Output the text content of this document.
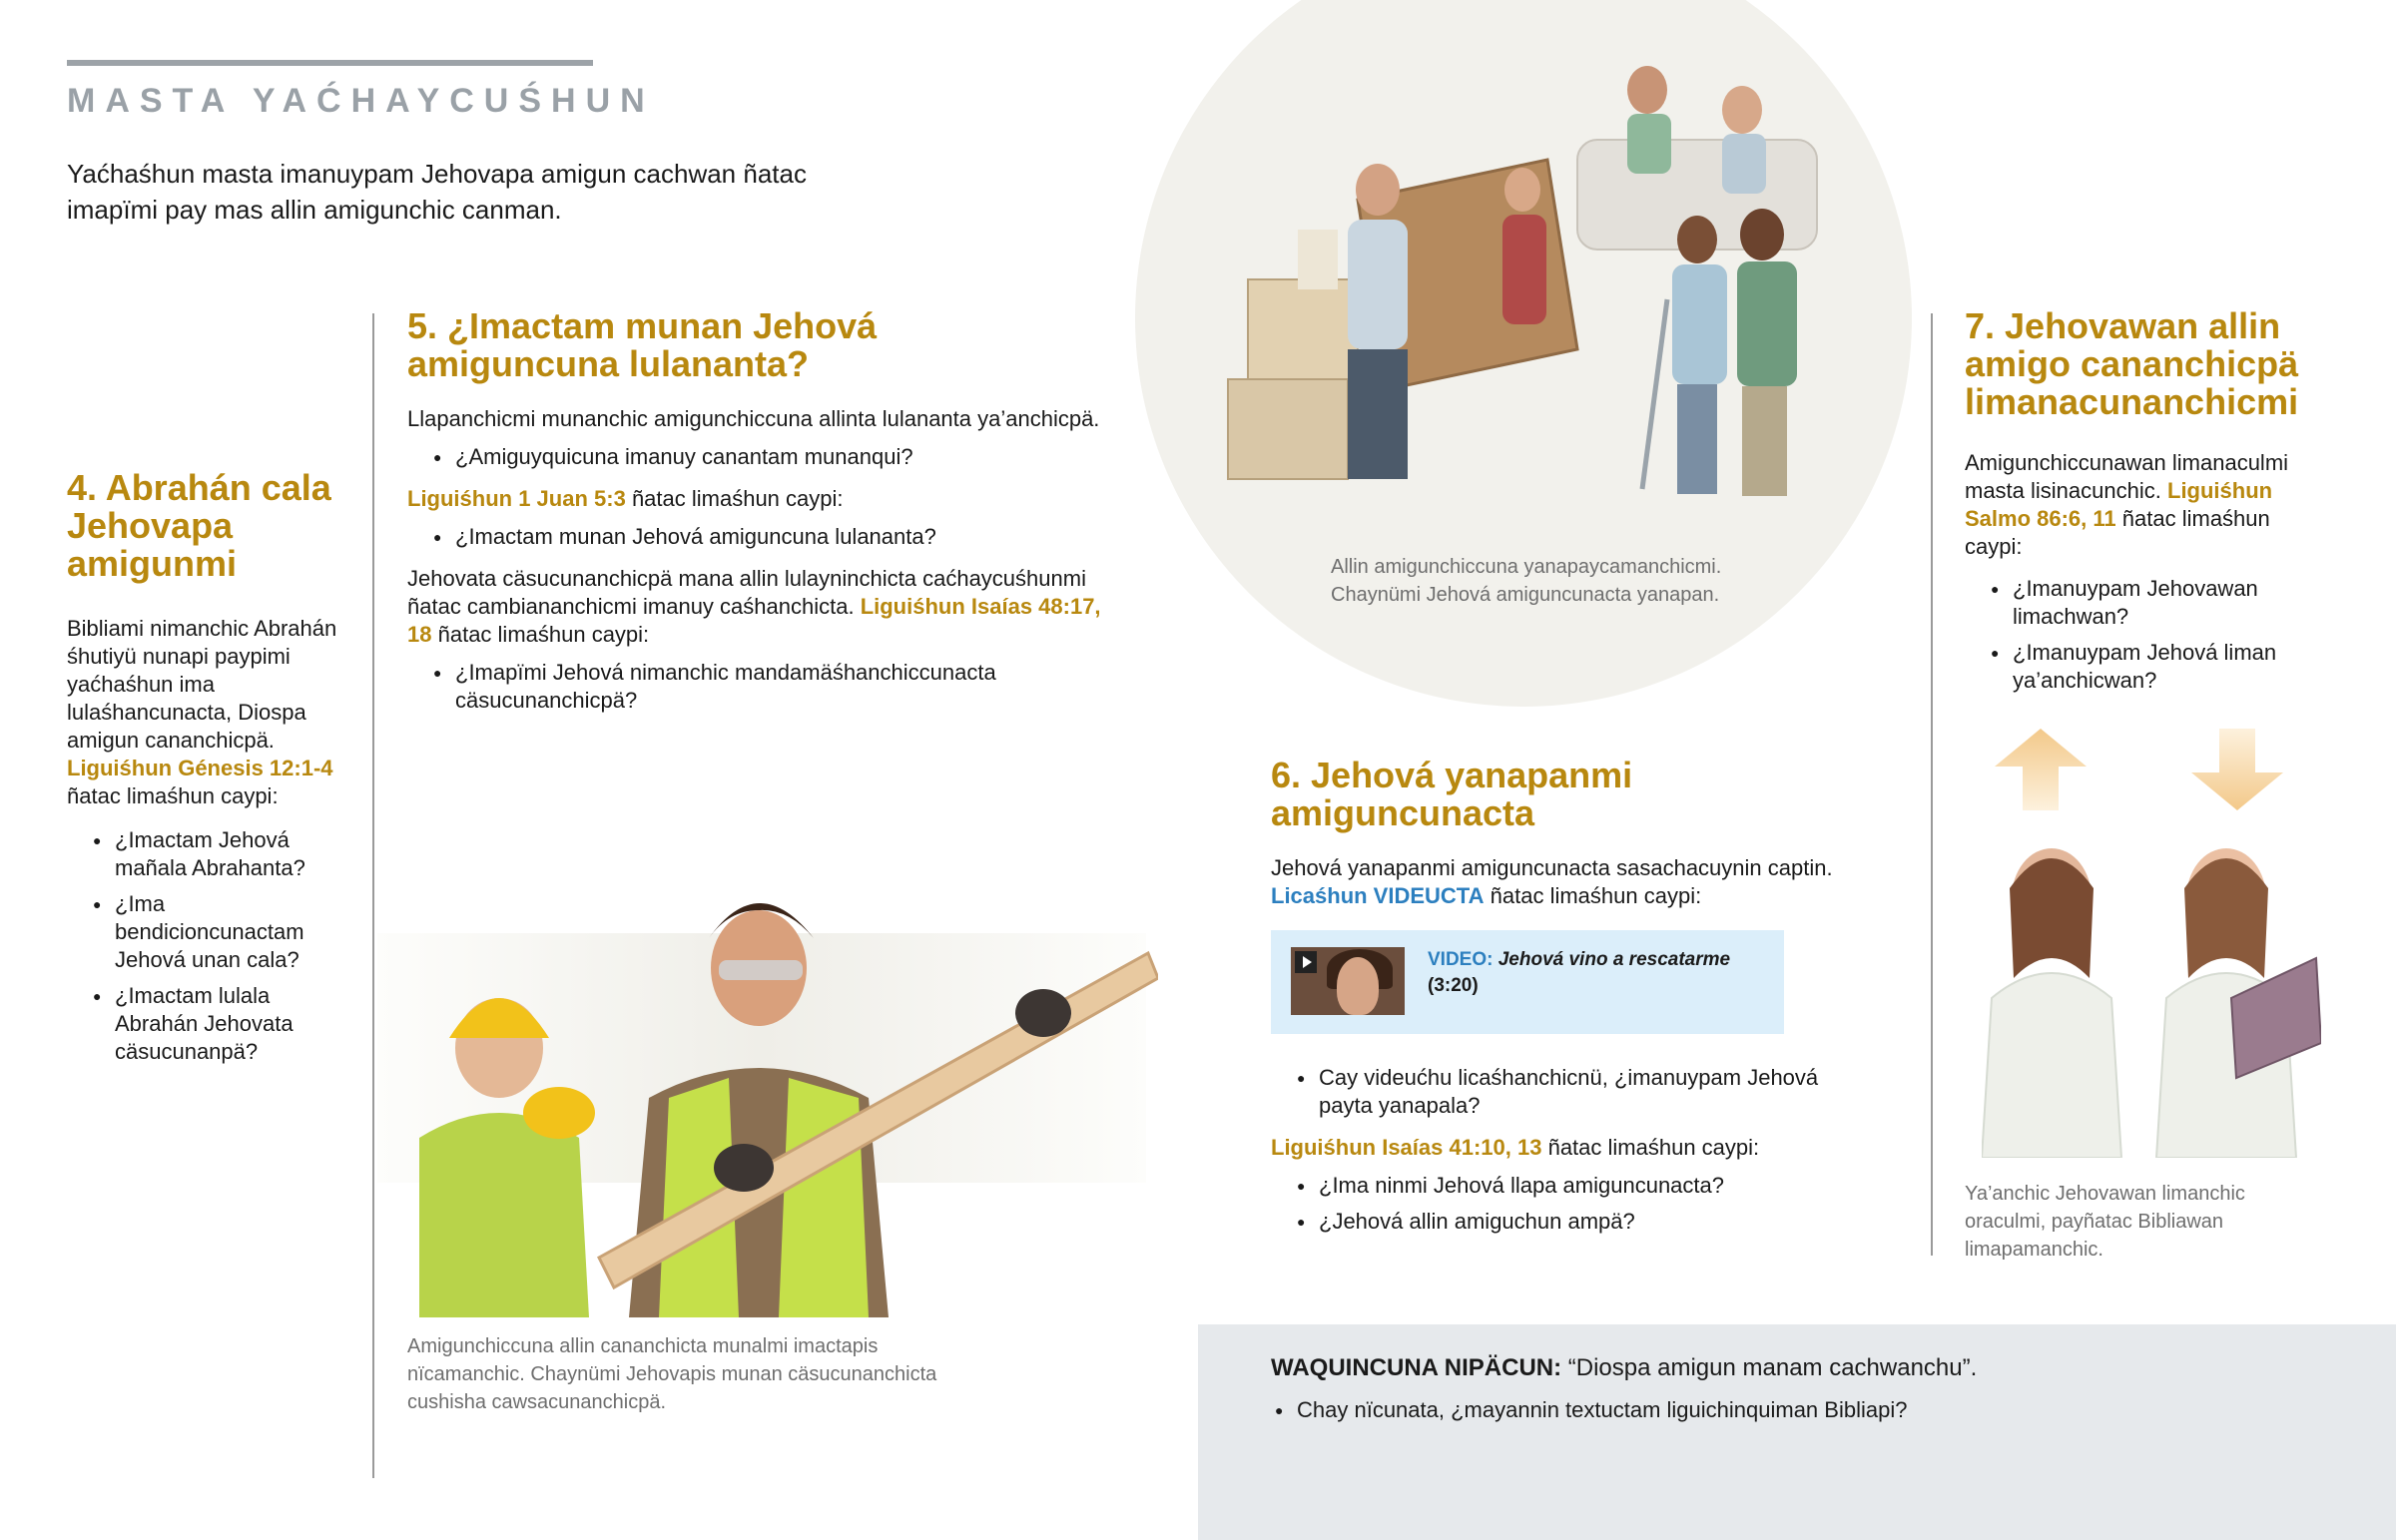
MASTA YAĆHAYCUŚHUN

Yaćhaśhun masta imanuypam Jehovapa amigun cachwan ñatac imapïmi pay mas allin amigunchic canman.

4. Abrahán cala Jehovapa amigunmi

Bibliami nimanchic Abrahán śhutiyü nunapi paypimi yaćhaśhun ima lulaśhancunacta, Diospa amigun cananchicpä. Liguiśhun Génesis 12:1-4 ñatac limaśhun caypi:

● ¿Imactam Jehová mañala Abrahanta?
● ¿Ima bendicioncunactam Jehová unan cala?
● ¿Imactam lulala Abrahán Jehovata cäsucunanpä?
5. ¿Imactam munan Jehová amiguncuna lulananta?

Llapanchicmi munanchic amigunchiccuna allinta lulananta ya’anchicpä.

● ¿Amiguyquicuna imanuy canantam munanqui?

Liguiśhun 1 Juan 5:3 ñatac limaśhun caypi:

● ¿Imactam munan Jehová amiguncuna lulananta?

Jehovata cäsucunanchicpä mana allin lulayninchicta caćhaycuśhunmi ñatac cambiananchicmi imanuy caśhanchicta. Liguiśhun Isaías 48:17, 18 ñatac limaśhun caypi:

● ¿Imapïmi Jehová nimanchic mandamäśhanchiccunacta cäsucunanchicpä?

Amigunchiccuna allin cananchicta munalmi imactapis nïcamanchic. Chaynümi Jehovapis munan cäsucunanchicta cushisha cawsacunanchicpä.

Allin amigunchiccuna yanapaycamanchicmi. Chaynümi Jehová amiguncunacta yanapan.

6. Jehová yanapanmi amiguncunacta

Jehová yanapanmi amiguncunacta sasachacuynin captin.
Licaśhun VIDEUCTA ñatac limaśhun caypi:

VIDEO: Jehová vino a rescatarme
(3:20)
● Cay videućhu licaśhanchicnü, ¿imanuypam Jehová payta yanapala?

Liguiśhun Isaías 41:10, 13 ñatac limaśhun caypi:

● ¿Ima ninmi Jehová llapa amiguncunacta?
● ¿Jehová allin amiguchun ampä?
7. Jehovawan allin amigo cananchicpä limanacunanchicmi

Amigunchiccunawan limanaculmi masta lisinacunchic. Liguiśhun Salmo 86:6, 11 ñatac limaśhun caypi:

● ¿Imanuypam Jehovawan limachwan?
● ¿Imanuypam Jehová liman ya’anchicwan?

Ya’anchic Jehovawan limanchic oraculmi, payñatac Bibliawan limapamanchic.

WAQUINCUNA NIPÄCUN: “Diospa amigun manam cachwanchu”.

● Chay nïcunata, ¿mayannin textuctam liguichinquiman Bibliapi?
